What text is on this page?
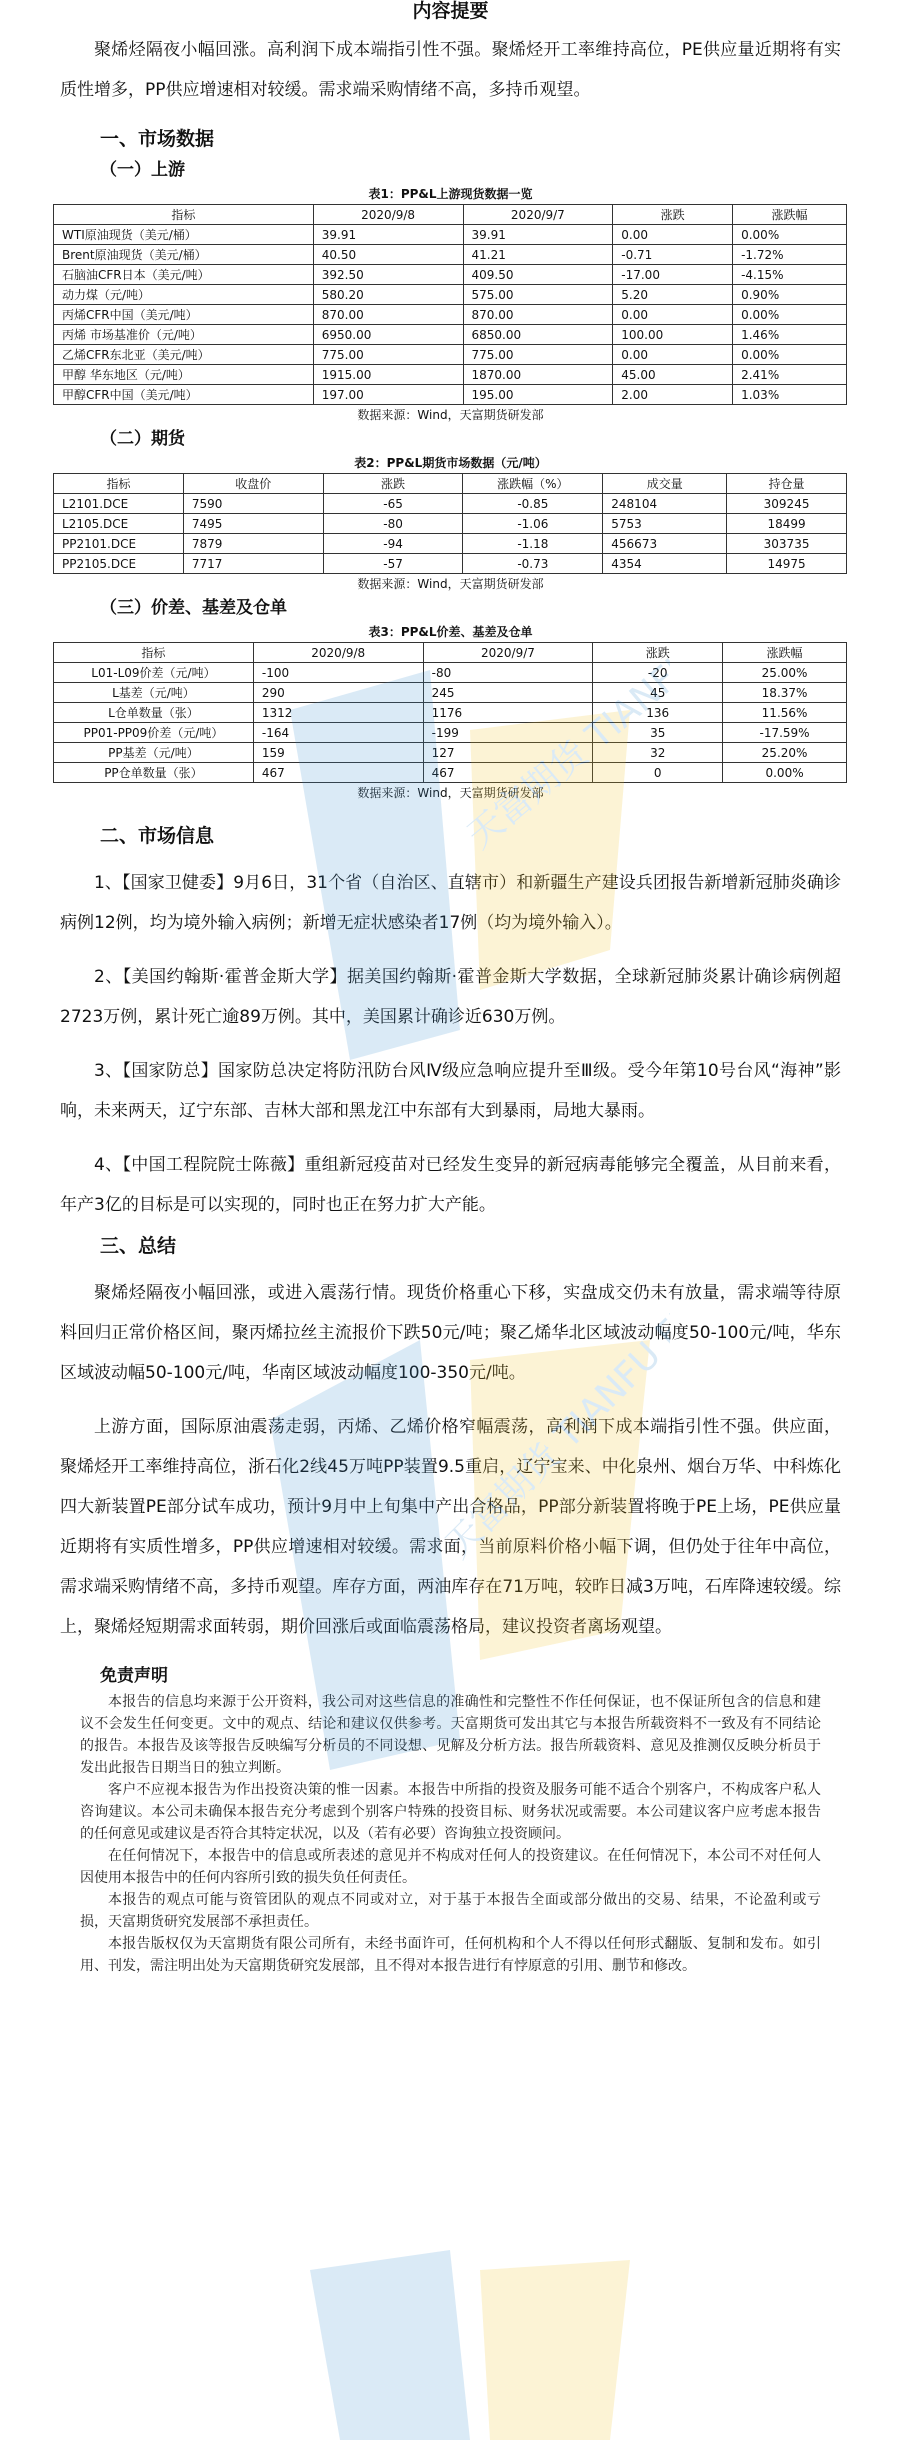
天富期货 TIANFU
天富期货 TIANFU
内容提要

聚烯烃隔夜小幅回涨。高利润下成本端指引性不强。聚烯烃开工率维持高位，PE供应量近期将有实质性增多，PP供应增速相对较缓。需求端采购情绪不高，多持币观望。

一、市场数据
（一）上游
表1：PP&L上游现货数据一览
指标	2020/9/8	2020/9/7	涨跌	涨跌幅
WTI原油现货（美元/桶）	39.91	39.91	0.00	0.00%
Brent原油现货（美元/桶）	40.50	41.21	-0.71	-1.72%
石脑油CFR日本（美元/吨）	392.50	409.50	-17.00	-4.15%
动力煤（元/吨）	580.20	575.00	5.20	0.90%
丙烯CFR中国（美元/吨）	870.00	870.00	0.00	0.00%
丙烯 市场基准价（元/吨）	6950.00	6850.00	100.00	1.46%
乙烯CFR东北亚（美元/吨）	775.00	775.00	0.00	0.00%
甲醇 华东地区（元/吨）	1915.00	1870.00	45.00	2.41%
甲醇CFR中国（美元/吨）	197.00	195.00	2.00	1.03%
数据来源：Wind，天富期货研发部
（二）期货
表2：PP&L期货市场数据（元/吨）
指标	收盘价	涨跌	涨跌幅（%）	成交量	持仓量
L2101.DCE	7590	-65	-0.85	248104	309245
L2105.DCE	7495	-80	-1.06	5753	18499
PP2101.DCE	7879	-94	-1.18	456673	303735
PP2105.DCE	7717	-57	-0.73	4354	14975
数据来源：Wind，天富期货研发部
（三）价差、基差及仓单
表3：PP&L价差、基差及仓单
指标	2020/9/8	2020/9/7	涨跌	涨跌幅
L01-L09价差（元/吨）	-100	-80	-20	25.00%
L基差（元/吨）	290	245	45	18.37%
L仓单数量（张）	1312	1176	136	11.56%
PP01-PP09价差（元/吨）	-164	-199	35	-17.59%
PP基差（元/吨）	159	127	32	25.20%
PP仓单数量（张）	467	467	0	0.00%
数据来源：Wind，天富期货研发部
二、市场信息

1、【国家卫健委】9月6日，31个省（自治区、直辖市）和新疆生产建设兵团报告新增新冠肺炎确诊病例12例，均为境外输入病例；新增无症状感染者17例（均为境外输入）。

2、【美国约翰斯·霍普金斯大学】据美国约翰斯·霍普金斯大学数据，全球新冠肺炎累计确诊病例超2723万例，累计死亡逾89万例。其中，美国累计确诊近630万例。

3、【国家防总】国家防总决定将防汛防台风Ⅳ级应急响应提升至Ⅲ级。受今年第10号台风“海神”影响，未来两天，辽宁东部、吉林大部和黑龙江中东部有大到暴雨，局地大暴雨。

4、【中国工程院院士陈薇】重组新冠疫苗对已经发生变异的新冠病毒能够完全覆盖，从目前来看，年产3亿的目标是可以实现的，同时也正在努力扩大产能。

三、总结

聚烯烃隔夜小幅回涨，或进入震荡行情。现货价格重心下移，实盘成交仍未有放量，需求端等待原料回归正常价格区间，聚丙烯拉丝主流报价下跌50元/吨；聚乙烯华北区域波动幅度50-100元/吨，华东区域波动幅50-100元/吨，华南区域波动幅度100-350元/吨。

上游方面，国际原油震荡走弱，丙烯、乙烯价格窄幅震荡，高利润下成本端指引性不强。供应面，聚烯烃开工率维持高位，浙石化2线45万吨PP装置9.5重启，辽宁宝来、中化泉州、烟台万华、中科炼化四大新装置PE部分试车成功，预计9月中上旬集中产出合格品，PP部分新装置将晚于PE上场，PE供应量近期将有实质性增多，PP供应增速相对较缓。需求面，当前原料价格小幅下调，但仍处于往年中高位，需求端采购情绪不高，多持币观望。库存方面，两油库存在71万吨，较昨日减3万吨，石库降速较缓。综上，聚烯烃短期需求面转弱，期价回涨后或面临震荡格局，建议投资者离场观望。

免责声明

本报告的信息均来源于公开资料，我公司对这些信息的准确性和完整性不作任何保证，也不保证所包含的信息和建议不会发生任何变更。文中的观点、结论和建议仅供参考。天富期货可发出其它与本报告所载资料不一致及有不同结论的报告。本报告及该等报告反映编写分析员的不同设想、见解及分析方法。报告所载资料、意见及推测仅反映分析员于发出此报告日期当日的独立判断。

客户不应视本报告为作出投资决策的惟一因素。本报告中所指的投资及服务可能不适合个别客户，不构成客户私人咨询建议。本公司未确保本报告充分考虑到个别客户特殊的投资目标、财务状况或需要。本公司建议客户应考虑本报告的任何意见或建议是否符合其特定状况，以及（若有必要）咨询独立投资顾问。

在任何情况下，本报告中的信息或所表述的意见并不构成对任何人的投资建议。在任何情况下，本公司不对任何人因使用本报告中的任何内容所引致的损失负任何责任。

本报告的观点可能与资管团队的观点不同或对立，对于基于本报告全面或部分做出的交易、结果，不论盈利或亏损，天富期货研究发展部不承担责任。

本报告版权仅为天富期货有限公司所有，未经书面许可，任何机构和个人不得以任何形式翻版、复制和发布。如引用、刊发，需注明出处为天富期货研究发展部，且不得对本报告进行有悖原意的引用、删节和修改。
